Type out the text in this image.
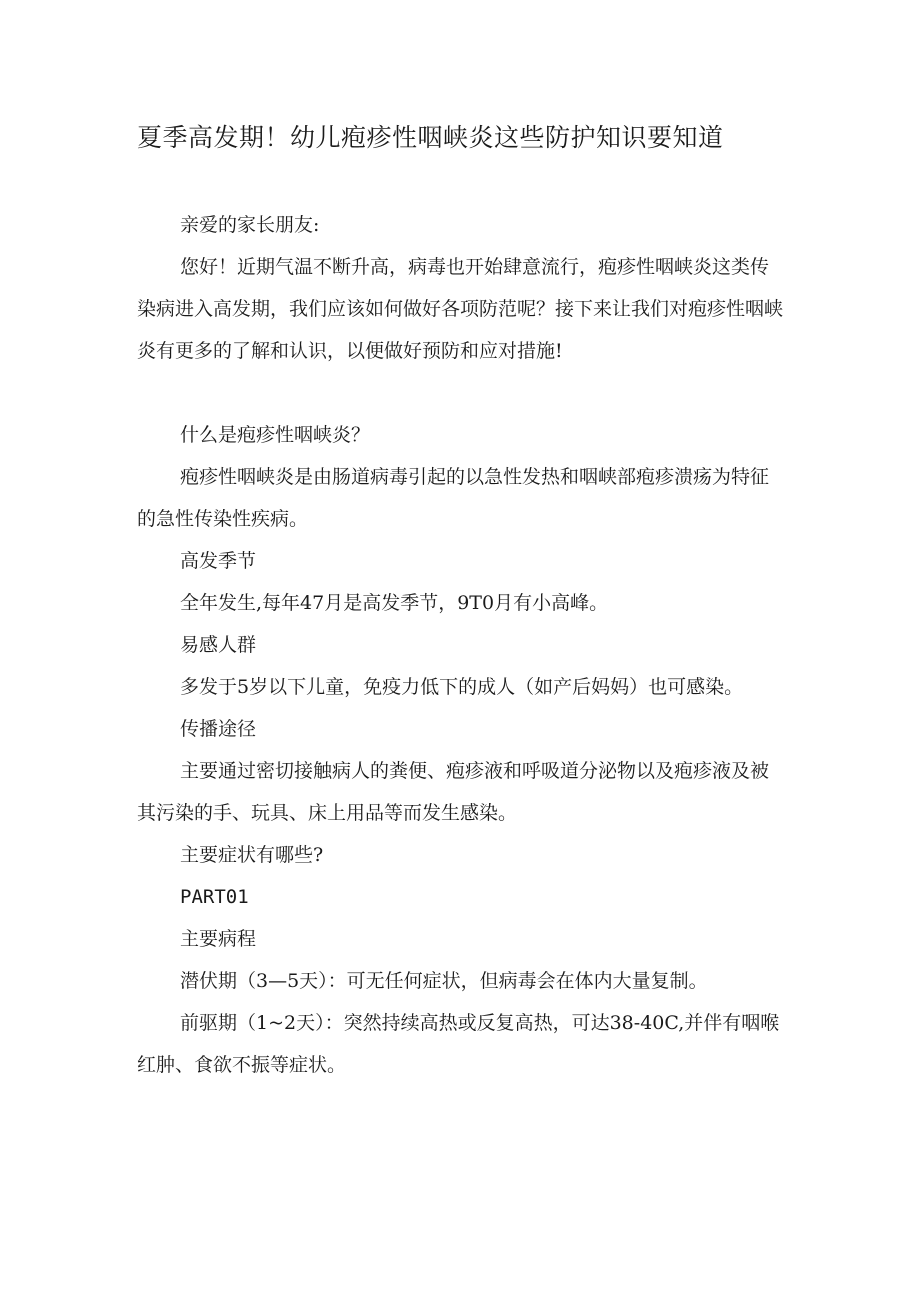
夏季高发期！幼儿疱疹性咽峡炎这些防护知识要知道

亲爱的家长朋友:

您好！近期气温不断升高，病毒也开始肆意流行，疱疹性咽峡炎这类传染病进入高发期，我们应该如何做好各项防范呢？接下来让我们对疱疹性咽峡炎有更多的了解和认识，以便做好预防和应对措施!

什么是疱疹性咽峡炎？

疱疹性咽峡炎是由肠道病毒引起的以急性发热和咽峡部疱疹溃疡为特征的急性传染性疾病。

高发季节

全年发生,每年47月是高发季节，9T0月有小高峰。

易感人群

多发于5岁以下儿童，免疫力低下的成人（如产后妈妈）也可感染。

传播途径

主要通过密切接触病人的粪便、疱疹液和呼吸道分泌物以及疱疹液及被其污染的手、玩具、床上用品等而发生感染。

主要症状有哪些?

PART01

主要病程

潜伏期（3—5天）：可无任何症状，但病毒会在体内大量复制。

前驱期（1~2天）：突然持续高热或反复高热，可达38-40C,并伴有咽喉红肿、食欲不振等症状。
